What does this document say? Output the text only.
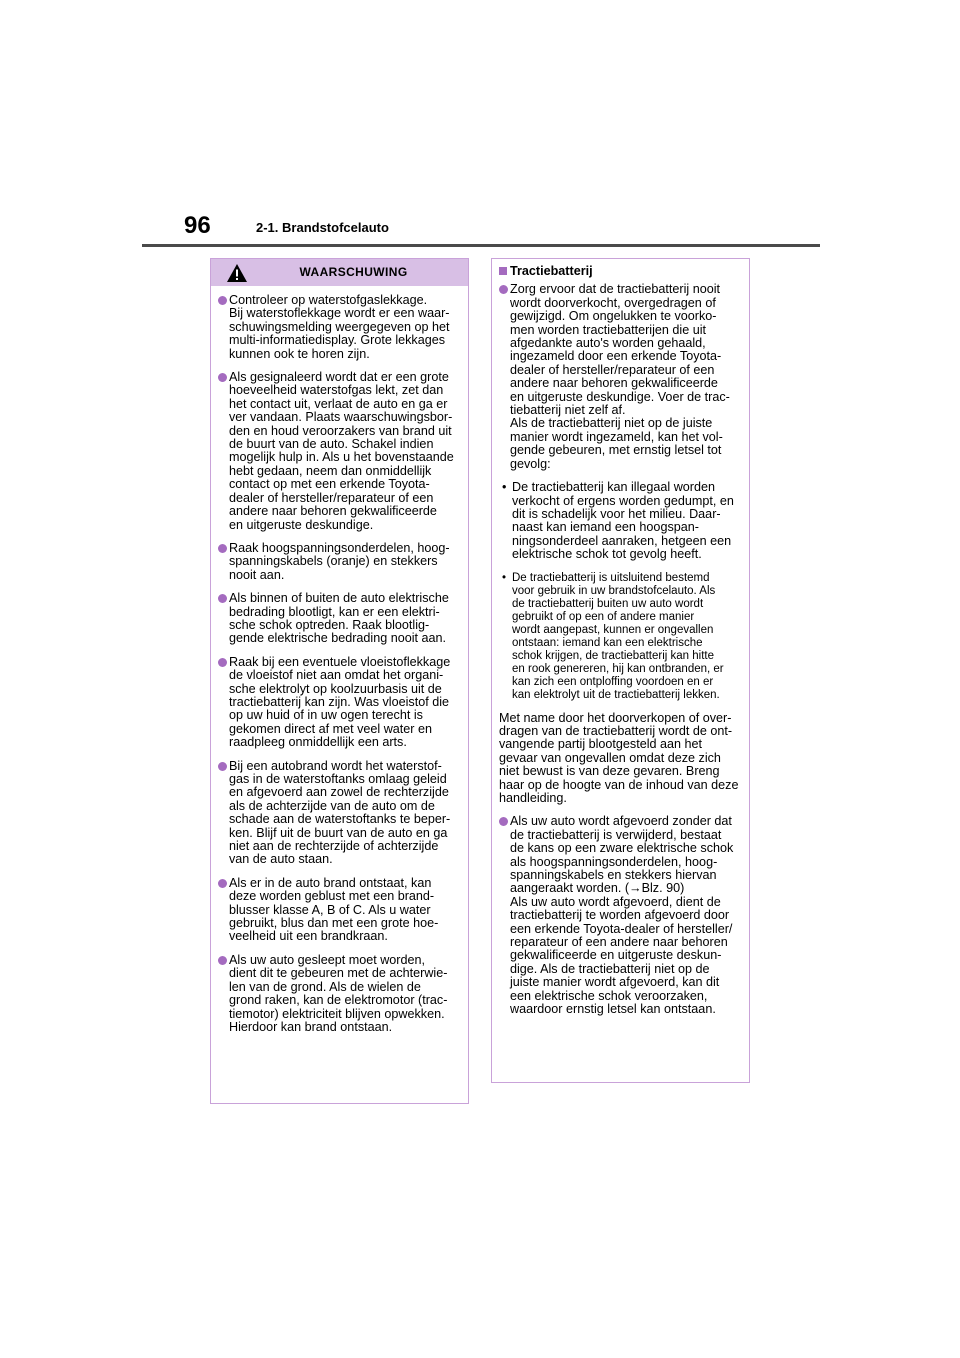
96	2-1. Brandstofcelauto
WAARSCHUWING
Controleer op waterstofgaslekkage.
Bij waterstoflekkage wordt er een waar-
schuwingsmelding weergegeven op het
multi-informatiedisplay. Grote lekkages
kunnen ook te horen zijn.
Als gesignaleerd wordt dat er een grote
hoeveelheid waterstofgas lekt, zet dan
het contact uit, verlaat de auto en ga er
ver vandaan. Plaats waarschuwingsbor-
den en houd veroorzakers van brand uit
de buurt van de auto. Schakel indien
mogelijk hulp in. Als u het bovenstaande
hebt gedaan, neem dan onmiddellijk
contact op met een erkende Toyota-
dealer of hersteller/reparateur of een
andere naar behoren gekwalificeerde
en uitgeruste deskundige.
Raak hoogspanningsonderdelen, hoog-
spanningskabels (oranje) en stekkers
nooit aan.
Als binnen of buiten de auto elektrische
bedrading blootligt, kan er een elektri-
sche schok optreden. Raak blootlig-
gende elektrische bedrading nooit aan.
Raak bij een eventuele vloeistoflekkage
de vloeistof niet aan omdat het organi-
sche elektrolyt op koolzuurbasis uit de
tractiebatterij kan zijn. Was vloeistof die
op uw huid of in uw ogen terecht is
gekomen direct af met veel water en
raadpleeg onmiddellijk een arts.
Bij een autobrand wordt het waterstof-
gas in de waterstoftanks omlaag geleid
en afgevoerd aan zowel de rechterzijde
als de achterzijde van de auto om de
schade aan de waterstoftanks te beper-
ken. Blijf uit de buurt van de auto en ga
niet aan de rechterzijde of achterzijde
van de auto staan.
Als er in de auto brand ontstaat, kan
deze worden geblust met een brand-
blusser klasse A, B of C. Als u water
gebruikt, blus dan met een grote hoe-
veelheid uit een brandkraan.
Als uw auto gesleept moet worden,
dient dit te gebeuren met de achterwie-
len van de grond. Als de wielen de
grond raken, kan de elektromotor (trac-
tiemotor) elektriciteit blijven opwekken.
Hierdoor kan brand ontstaan.
Tractiebatterij
Zorg ervoor dat de tractiebatterij nooit
wordt doorverkocht, overgedragen of
gewijzigd. Om ongelukken te voorko-
men worden tractiebatterijen die uit
afgedankte auto's worden gehaald,
ingezameld door een erkende Toyota-
dealer of hersteller/reparateur of een
andere naar behoren gekwalificeerde
en uitgeruste deskundige. Voer de trac-
tiebatterij niet zelf af.
Als de tractiebatterij niet op de juiste
manier wordt ingezameld, kan het vol-
gende gebeuren, met ernstig letsel tot
gevolg:
• De tractiebatterij kan illegaal worden
verkocht of ergens worden gedumpt, en
dit is schadelijk voor het milieu. Daar-
naast kan iemand een hoogspan-
ningsonderdeel aanraken, hetgeen een
elektrische schok tot gevolg heeft.
• De tractiebatterij is uitsluitend bestemd
voor gebruik in uw brandstofcelauto. Als
de tractiebatterij buiten uw auto wordt
gebruikt of op een of andere manier
wordt aangepast, kunnen er ongevallen
ontstaan: iemand kan een elektrische
schok krijgen, de tractiebatterij kan hitte
en rook genereren, hij kan ontbranden, er
kan zich een ontploffing voordoen en er
kan elektrolyt uit de tractiebatterij lekken.
Met name door het doorverkopen of over-
dragen van de tractiebatterij wordt de ont-
vangende partij blootgesteld aan het
gevaar van ongevallen omdat deze zich
niet bewust is van deze gevaren. Breng
haar op de hoogte van de inhoud van deze
handleiding.
Als uw auto wordt afgevoerd zonder dat
de tractiebatterij is verwijderd, bestaat
de kans op een zware elektrische schok
als hoogspanningsonderdelen, hoog-
spanningskabels en stekkers hiervan
aangeraakt worden. (→Blz. 90)
Als uw auto wordt afgevoerd, dient de
tractiebatterij te worden afgevoerd door
een erkende Toyota-dealer of hersteller/
reparateur of een andere naar behoren
gekwalificeerde en uitgeruste deskun-
dige. Als de tractiebatterij niet op de
juiste manier wordt afgevoerd, kan dit
een elektrische schok veroorzaken,
waardoor ernstig letsel kan ontstaan.
